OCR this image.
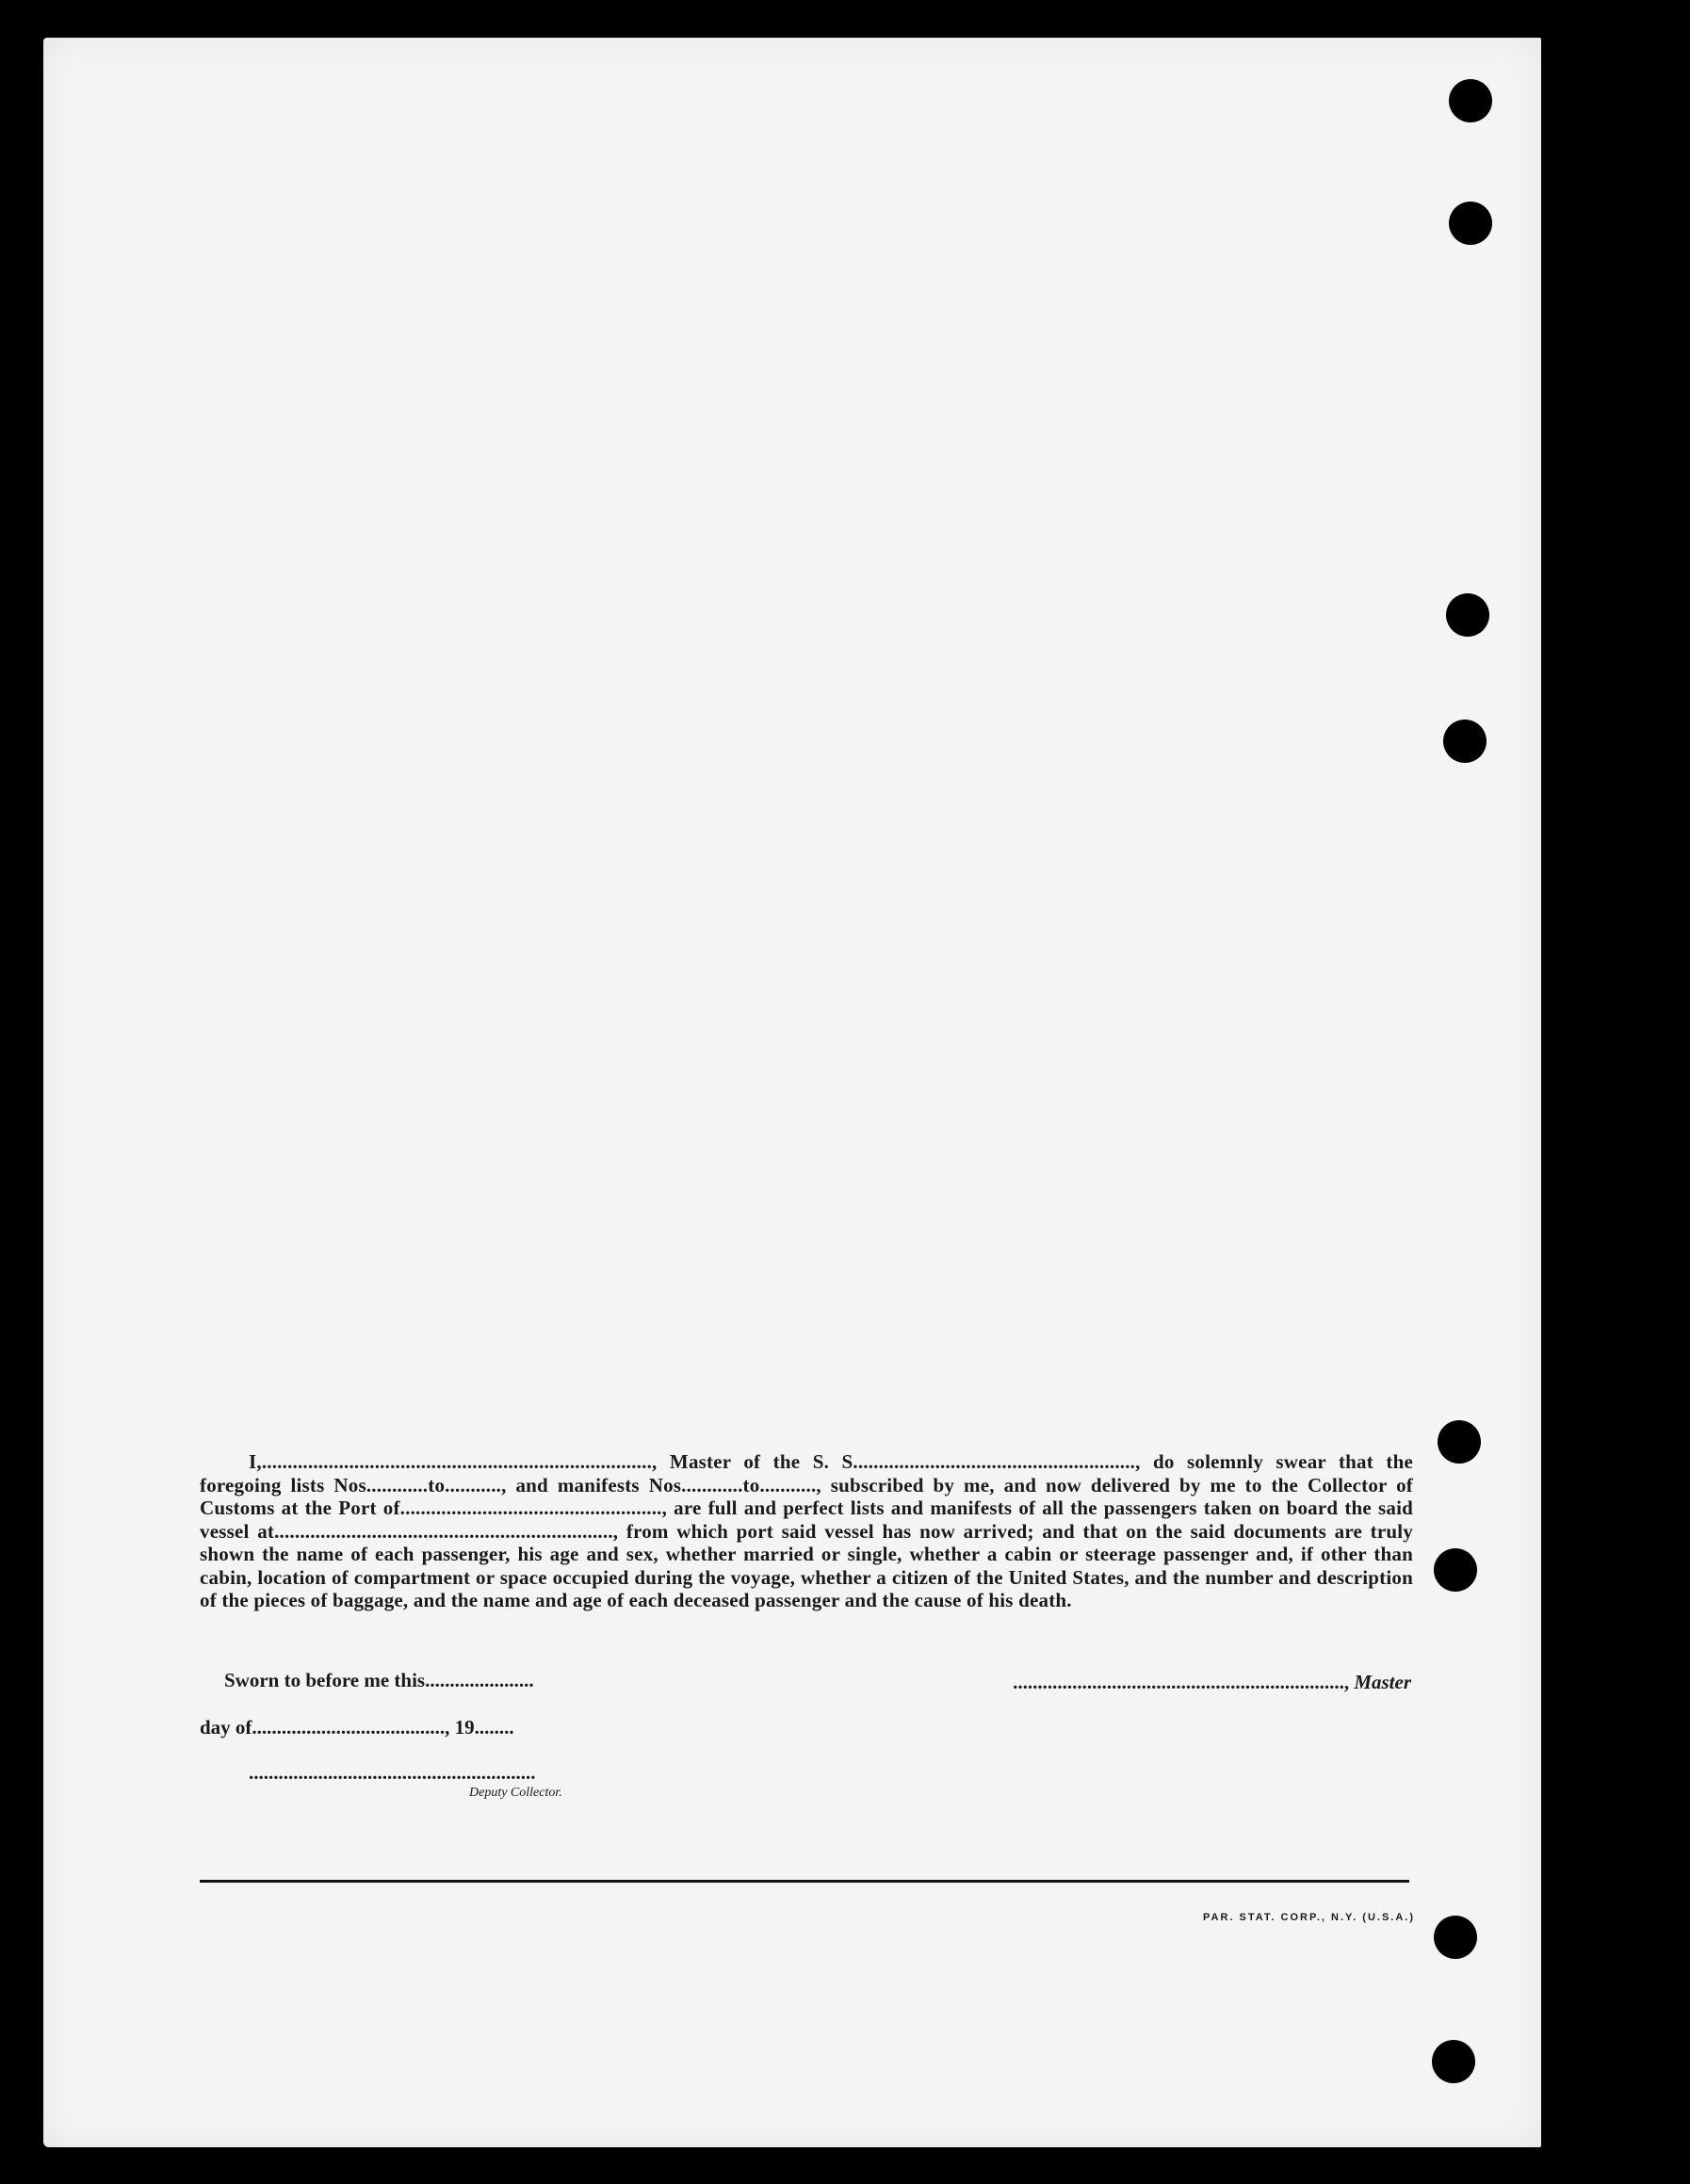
I,............................................................................, Master of the S. S......................................................., do solemnly swear that the foregoing lists Nos............to..........., and manifests Nos............to..........., subscribed by me, and now delivered by me to the Collector of Customs at the Port of..................................................., are full and perfect lists and manifests of all the passengers taken on board the said vessel at.................................................................., from which port said vessel has now arrived; and that on the said documents are truly shown the name of each passenger, his age and sex, whether married or single, whether a cabin or steerage passenger and, if other than cabin, location of compartment or space occupied during the voyage, whether a citizen of the United States, and the number and description of the pieces of baggage, and the name and age of each deceased passenger and the cause of his death.

Sworn to before me this......................	..................................................................., Master
day of......................................., 19........
..........................................................
Deputy Collector.
PAR. STAT. CORP., N.Y. (U.S.A.)
